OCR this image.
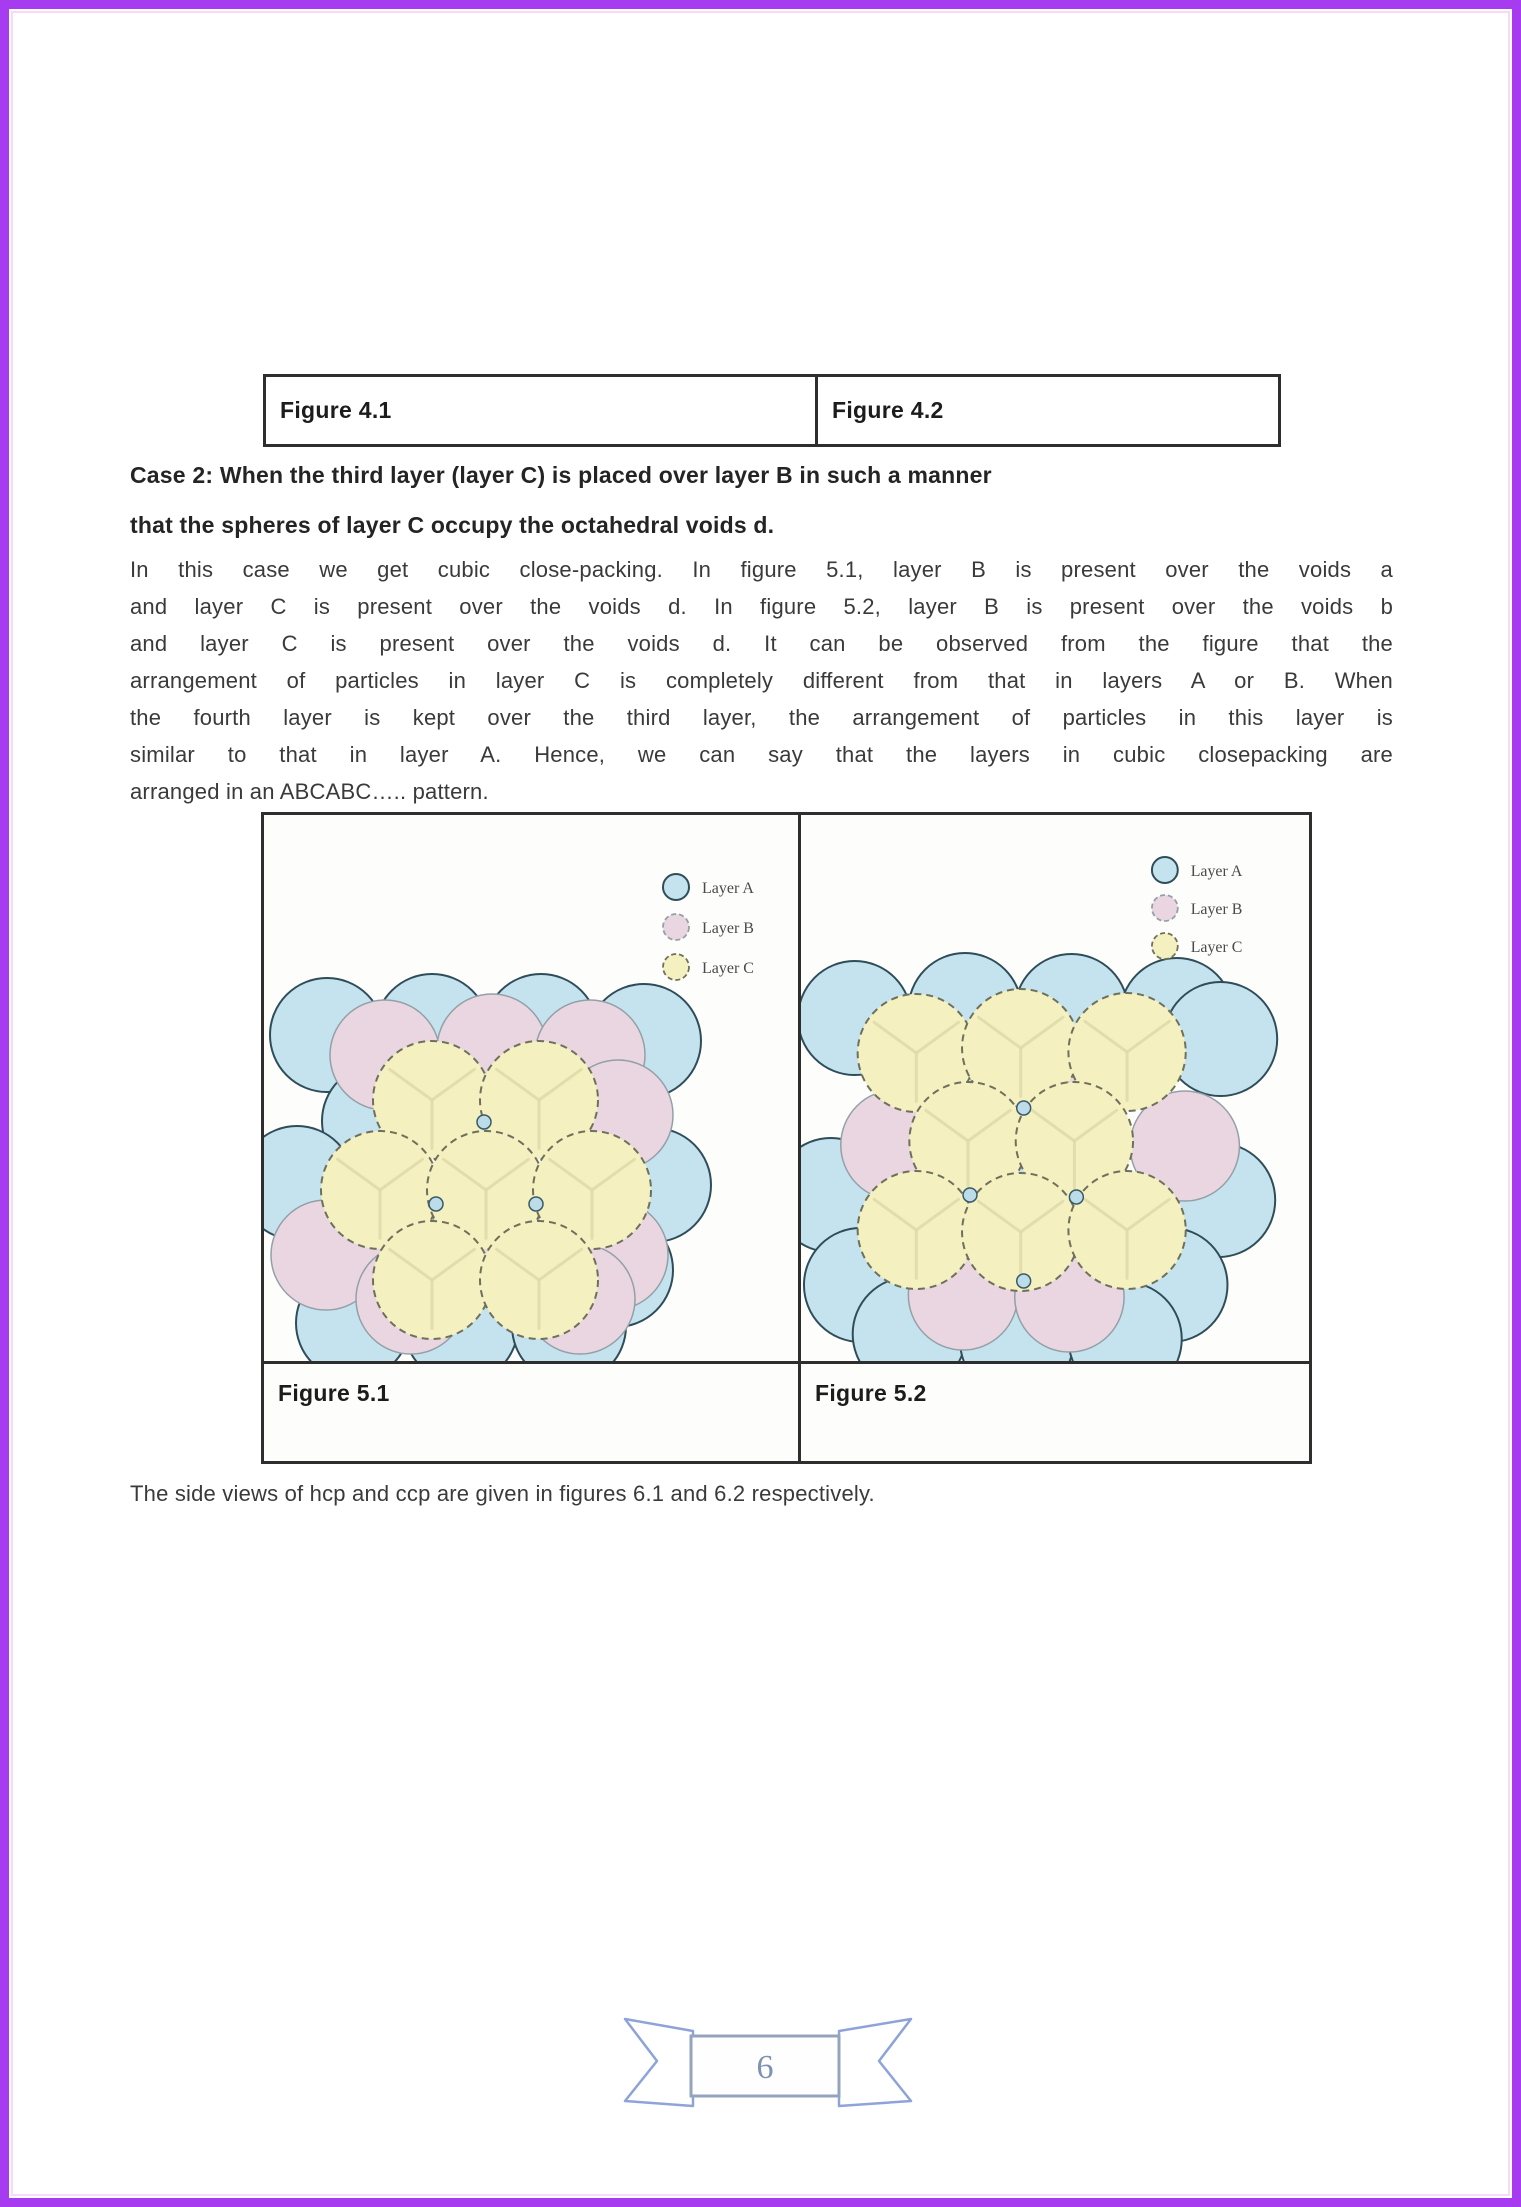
Figure 4.1	Figure 4.2
Case 2: When the third layer (layer C) is placed over layer B in such a manner
that the spheres of layer C occupy the octahedral voids d.
In this case we get cubic close-packing. In figure 5.1, layer B is present over the voids a
and layer C is present over the voids d. In figure 5.2, layer B is present over the voids b
and layer C is present over the voids d. It can be observed from the figure that the
arrangement of particles in layer C is completely different from that in layers A or B. When
the fourth layer is kept over the third layer, the arrangement of particles in this layer is
similar to that in layer A. Hence, we can say that the layers in cubic closepacking are
arranged in an ABCABC….. pattern.
Layer A
Layer B
Layer C
Layer A
Layer B
Layer C
Figure 5.1	Figure 5.2
The side views of hcp and ccp are given in figures 6.1 and 6.2 respectively.
6
